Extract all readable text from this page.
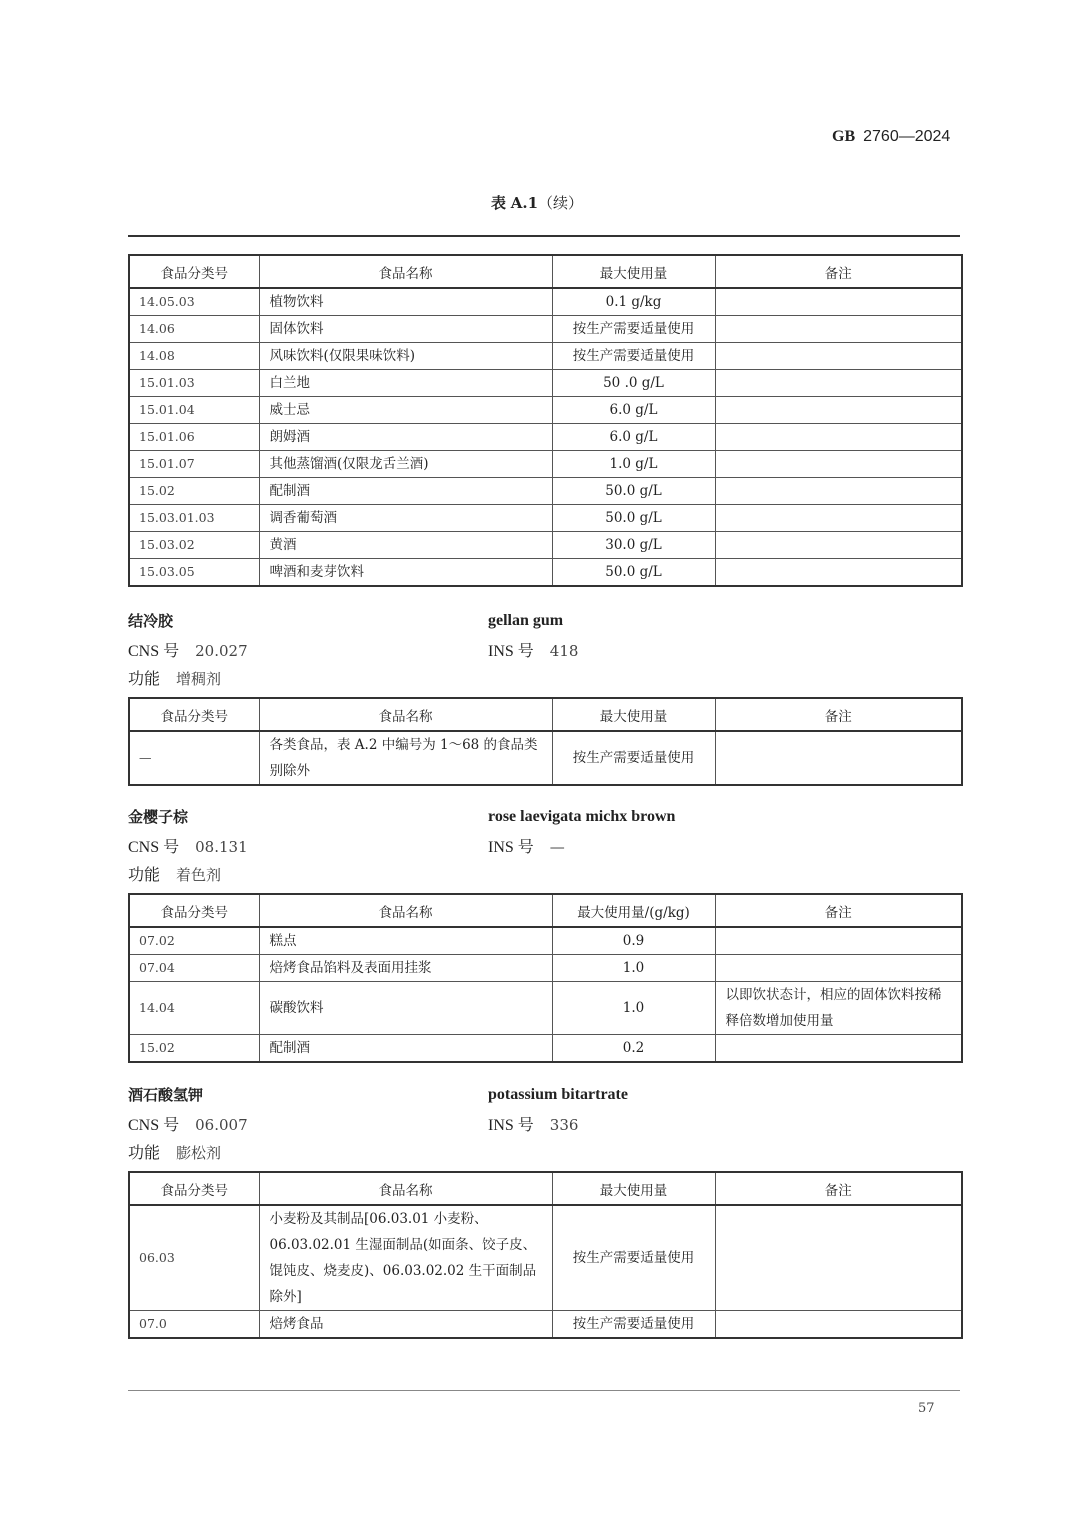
GB 2760—2024
表 A.1（续）
食品分类号	食品名称	最大使用量	备注
14.05.03	植物饮料	0.1 g/kg	
14.06	固体饮料	按生产需要适量使用	
14.08	风味饮料(仅限果味饮料)	按生产需要适量使用	
15.01.03	白兰地	50 .0 g/L	
15.01.04	威士忌	6.0 g/L	
15.01.06	朗姆酒	6.0 g/L	
15.01.07	其他蒸馏酒(仅限龙舌兰酒)	1.0 g/L	
15.02	配制酒	50.0 g/L	
15.03.01.03	调香葡萄酒	50.0 g/L	
15.03.02	黄酒	30.0 g/L	
15.03.05	啤酒和麦芽饮料	50.0 g/L	
结冷胶	gellan gum
CNS 号 20.027	INS 号 418
功能 增稠剂
食品分类号	食品名称	最大使用量	备注
—	各类食品，表 A.2 中编号为 1～68 的食品类别除外	按生产需要适量使用	
金樱子棕	rose laevigata michx brown
CNS 号 08.131	INS 号 —
功能 着色剂
食品分类号	食品名称	最大使用量/(g/kg)	备注
07.02	糕点	0.9	
07.04	焙烤食品馅料及表面用挂浆	1.0	
14.04	碳酸饮料	1.0	以即饮状态计，相应的固体饮料按稀释倍数增加使用量
15.02	配制酒	0.2	
酒石酸氢钾	potassium bitartrate
CNS 号 06.007	INS 号 336
功能 膨松剂
食品分类号	食品名称	最大使用量	备注
06.03	小麦粉及其制品[06.03.01 小麦粉、06.03.02.01 生湿面制品(如面条、饺子皮、馄饨皮、烧麦皮)、06.03.02.02 生干面制品除外]	按生产需要适量使用	
07.0	焙烤食品	按生产需要适量使用	
57
